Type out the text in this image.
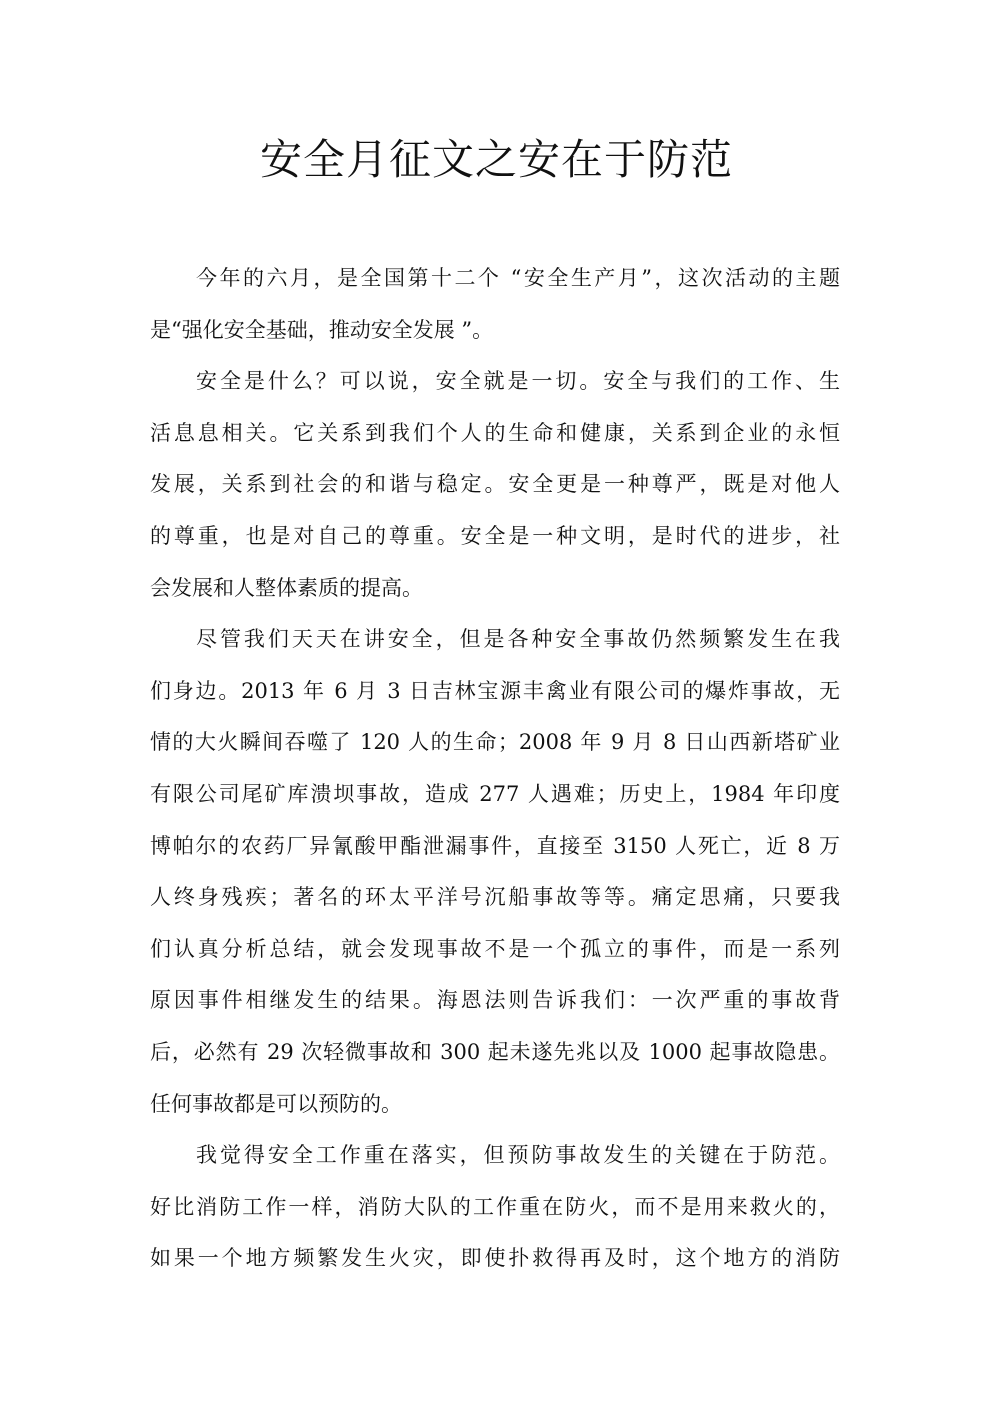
安全月征文之安在于防范

今年的六月，是全国第十二个 “安全生产月”，这次活动的主题
是“强化安全基础，推动安全发展 ”。

安全是什么？可以说，安全就是一切。安全与我们的工作、生
活息息相关。它关系到我们个人的生命和健康，关系到企业的永恒
发展，关系到社会的和谐与稳定。安全更是一种尊严，既是对他人
的尊重，也是对自己的尊重。安全是一种文明，是时代的进步，社
会发展和人整体素质的提高。

尽管我们天天在讲安全，但是各种安全事故仍然频繁发生在我
们身边。2013 年 6 月 3 日吉林宝源丰禽业有限公司的爆炸事故，无
情的大火瞬间吞噬了 120 人的生命；2008 年 9 月 8 日山西新塔矿业
有限公司尾矿库溃坝事故，造成 277 人遇难；历史上，1984 年印度
博帕尔的农药厂异氰酸甲酯泄漏事件，直接至 3150 人死亡，近 8 万
人终身残疾；著名的环太平洋号沉船事故等等。痛定思痛，只要我
们认真分析总结，就会发现事故不是一个孤立的事件，而是一系列
原因事件相继发生的结果。海恩法则告诉我们：一次严重的事故背
后，必然有 29 次轻微事故和 300 起未遂先兆以及 1000 起事故隐患。
任何事故都是可以预防的。

我觉得安全工作重在落实，但预防事故发生的关键在于防范。
好比消防工作一样，消防大队的工作重在防火，而不是用来救火的，
如果一个地方频繁发生火灾，即使扑救得再及时，这个地方的消防
